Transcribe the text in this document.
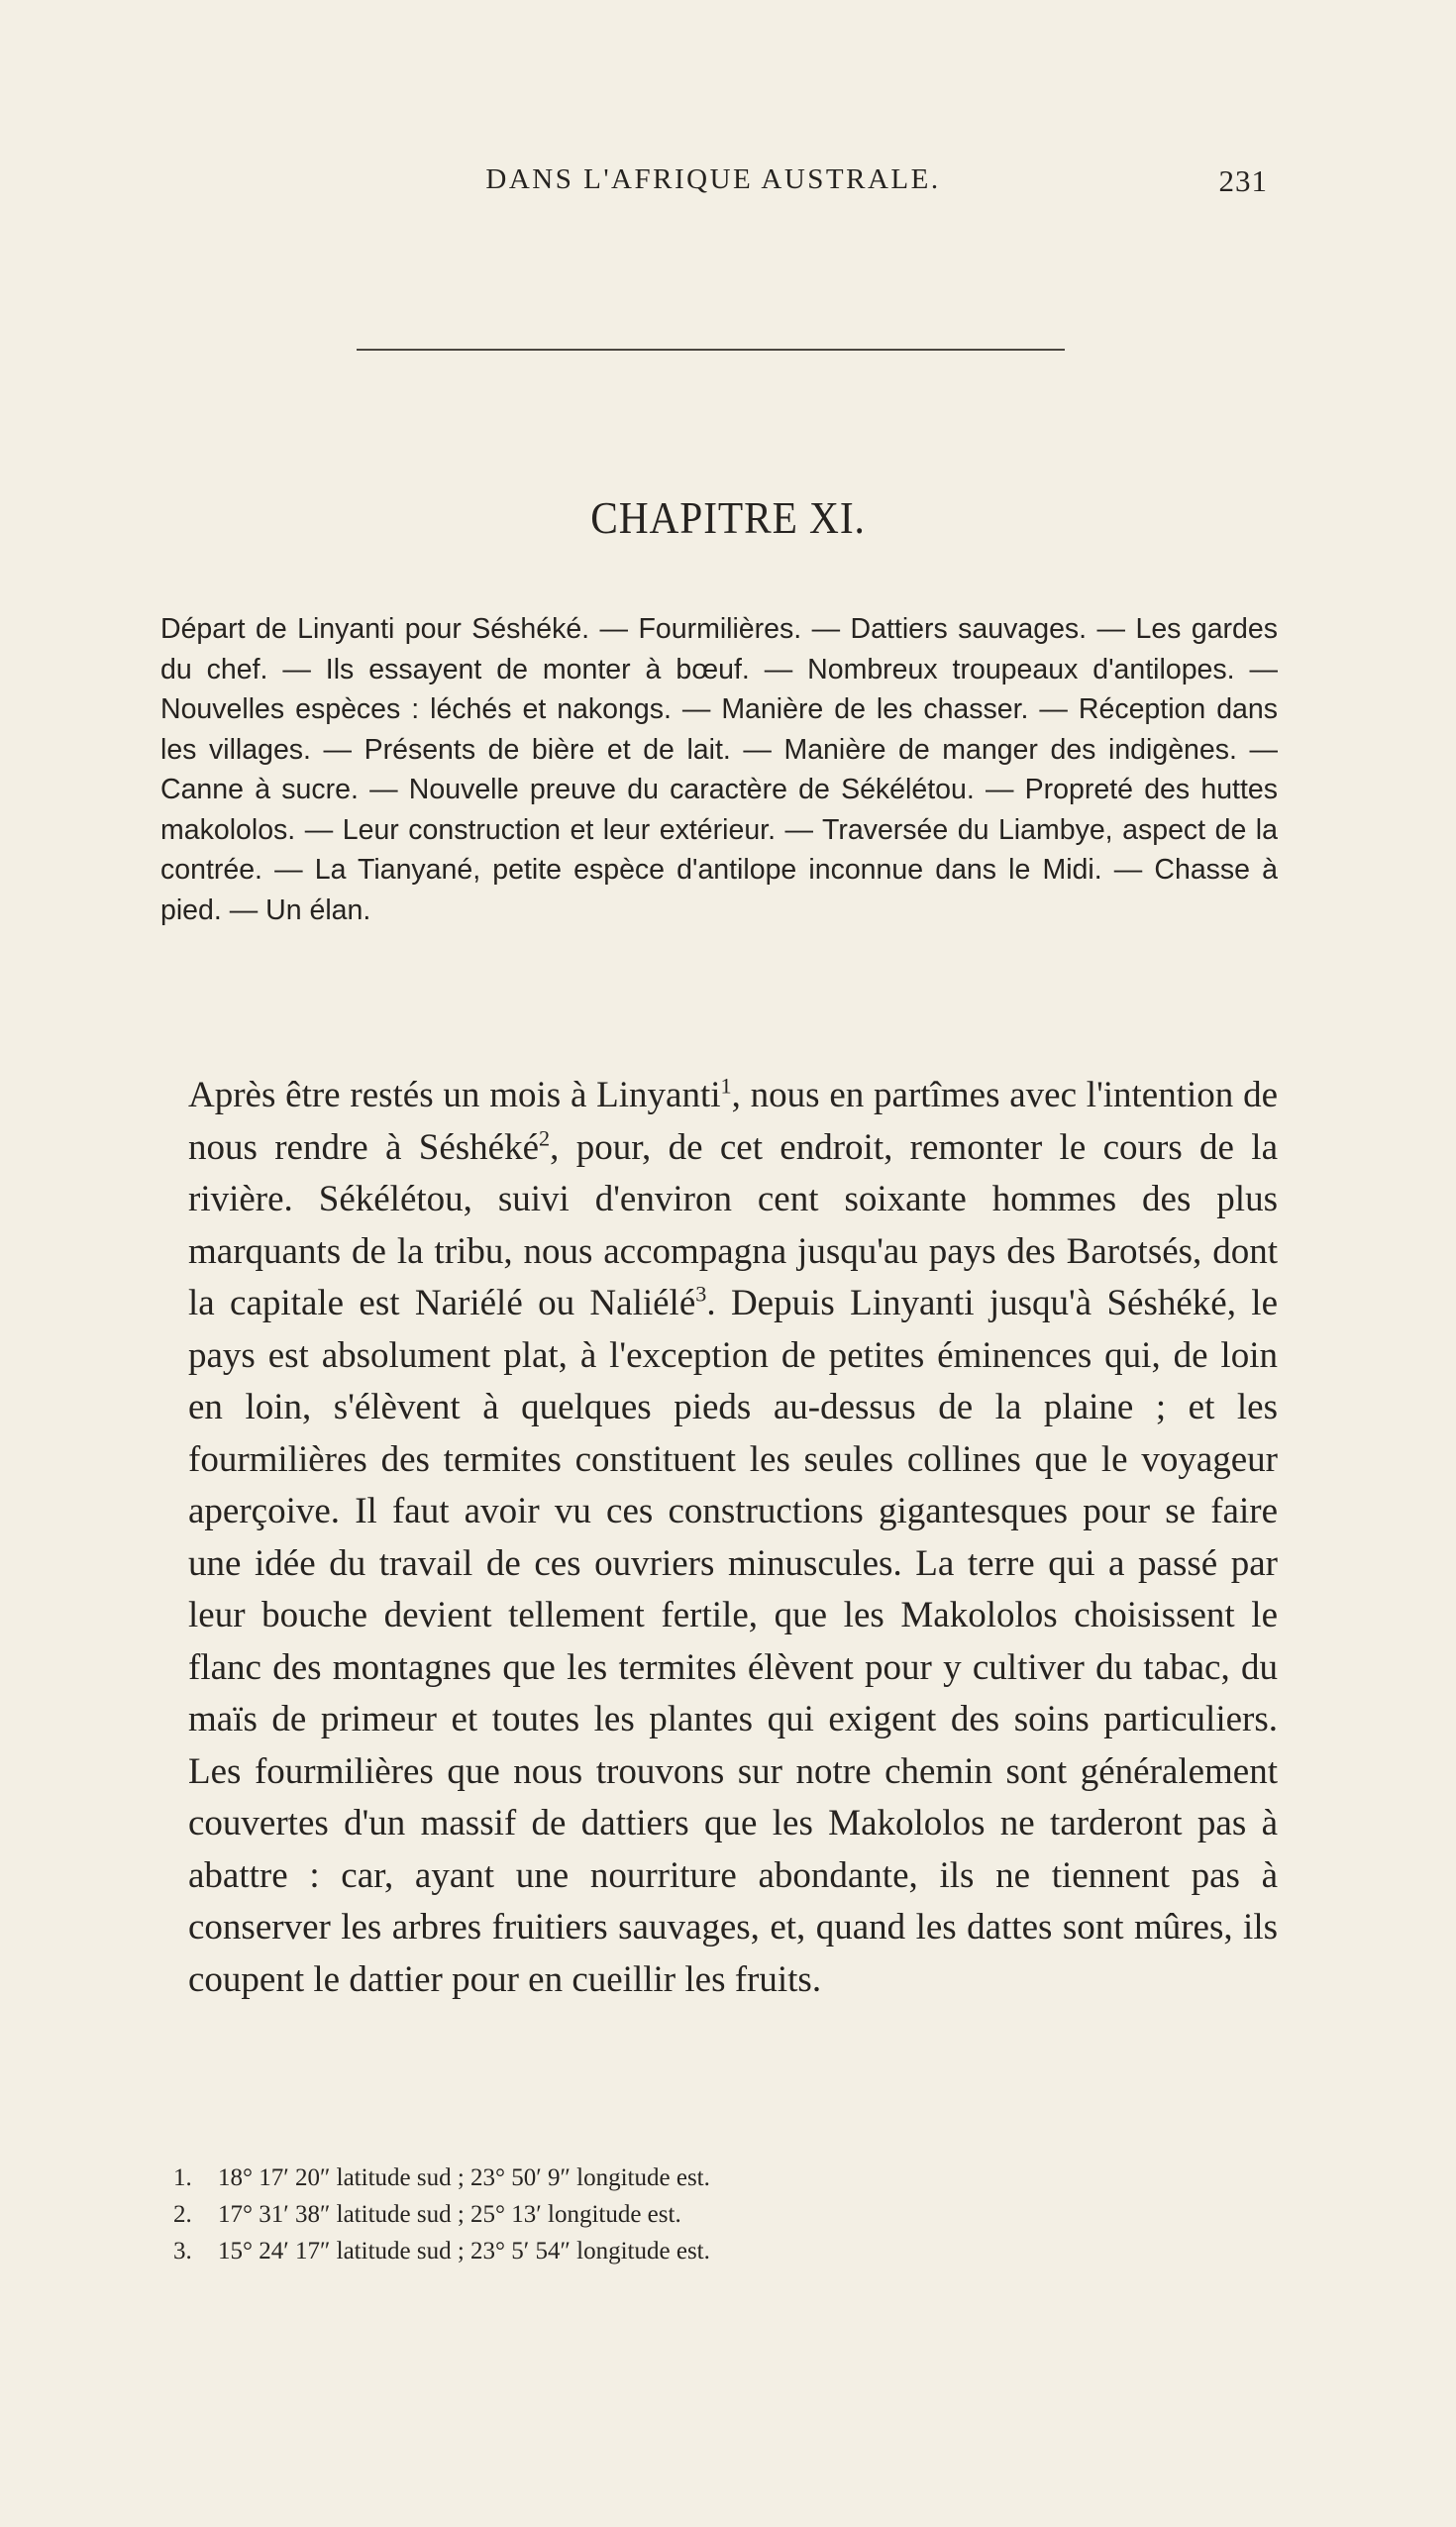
DANS L'AFRIQUE AUSTRALE.	231
CHAPITRE XI.
Départ de Linyanti pour Séshéké. — Fourmilières. — Dattiers sauvages. — Les gardes du chef. — Ils essayent de monter à bœuf. — Nombreux troupeaux d'antilopes. — Nouvelles espèces : léchés et nakongs. — Manière de les chasser. — Réception dans les villages. — Présents de bière et de lait. — Manière de manger des indigènes. — Canne à sucre. — Nouvelle preuve du caractère de Sékélétou. — Propreté des huttes makololos. — Leur construction et leur extérieur. — Traversée du Liambye, aspect de la contrée. — La Tianyané, petite espèce d'antilope inconnue dans le Midi. — Chasse à pied. — Un élan.
Après être restés un mois à Linyanti$^1$, nous en partîmes avec l'intention de nous rendre à Séshéké$^2$, pour, de cet endroit, remonter le cours de la rivière. Sékélétou, suivi d'environ cent soixante hommes des plus marquants de la tribu, nous accompagna jusqu'au pays des Barotsés, dont la capitale est Nariélé ou Naliélé$^3$. Depuis Linyanti jusqu'à Séshéké, le pays est absolument plat, à l'exception de petites éminences qui, de loin en loin, s'élèvent à quelques pieds au-dessus de la plaine ; et les fourmilières des termites constituent les seules collines que le voyageur aperçoive. Il faut avoir vu ces constructions gigantesques pour se faire une idée du travail de ces ouvriers minuscules. La terre qui a passé par leur bouche devient tellement fertile, que les Makololos choisissent le flanc des montagnes que les termites élèvent pour y cultiver du tabac, du maïs de primeur et toutes les plantes qui exigent des soins particuliers. Les fourmilières que nous trouvons sur notre chemin sont généralement couvertes d'un massif de dattiers que les Makololos ne tarderont pas à abattre : car, ayant une nourriture abondante, ils ne tiennent pas à conserver les arbres fruitiers sauvages, et, quand les dattes sont mûres, ils coupent le dattier pour en cueillir les fruits.
1.	18° 17′ 20″ latitude sud ; 23° 50′ 9″ longitude est.
2.	17° 31′ 38″ latitude sud ; 25° 13′ longitude est.
3.	15° 24′ 17″ latitude sud ; 23° 5′ 54″ longitude est.
